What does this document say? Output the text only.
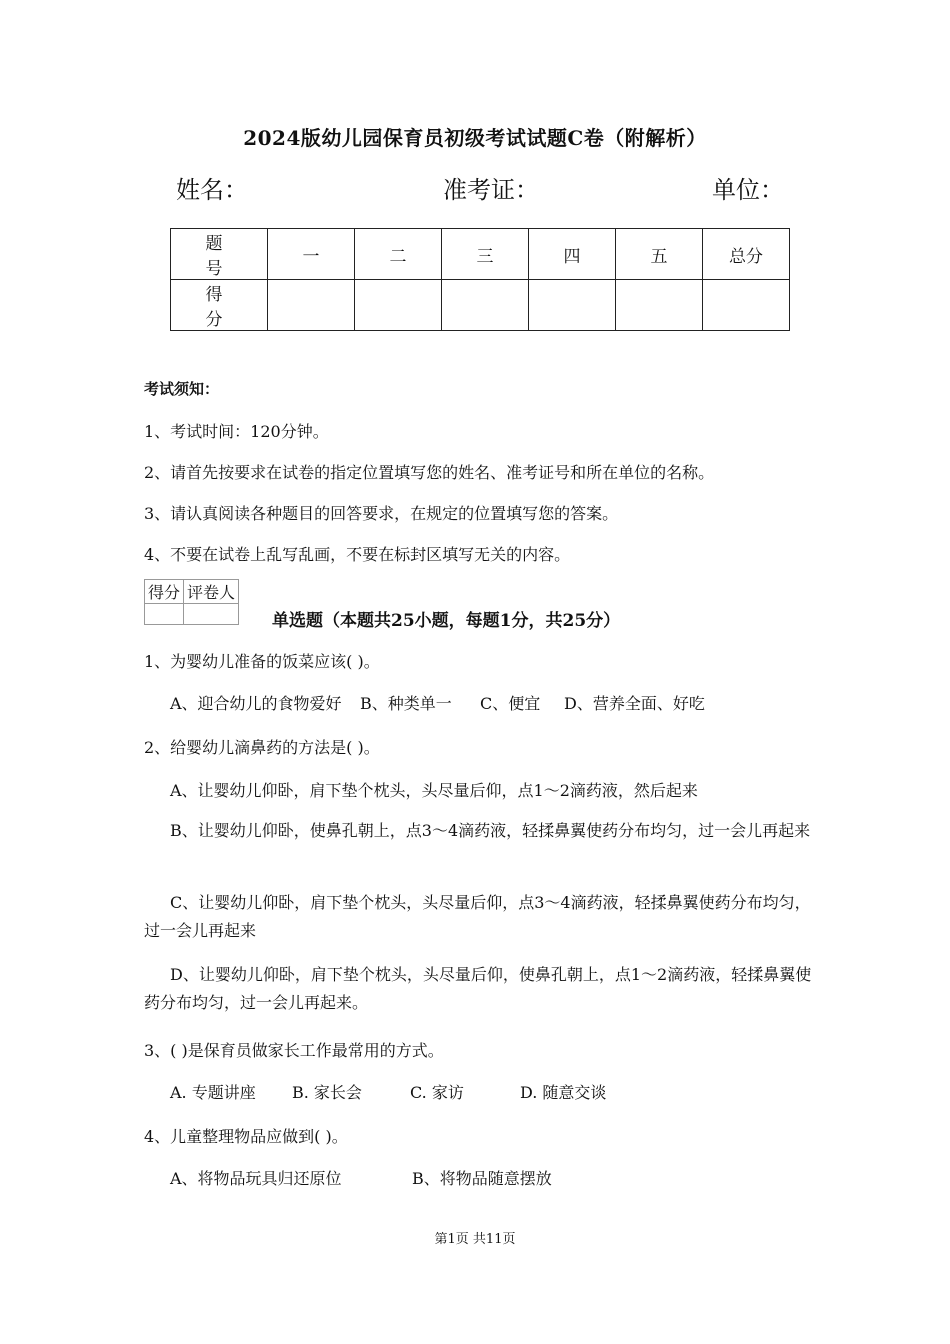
2024版幼儿园保育员初级考试试题C卷（附解析）
姓名：	准考证：	单位：
题 号	一	二	三	四	五	总分
得 分						
考试须知：
1、考试时间：120分钟。
2、请首先按要求在试卷的指定位置填写您的姓名、准考证号和所在单位的名称。
3、请认真阅读各种题目的回答要求，在规定的位置填写您的答案。
4、不要在试卷上乱写乱画，不要在标封区填写无关的内容。
得分	评卷人

单选题（本题共25小题，每题1分，共25分）
1、为婴幼儿准备的饭菜应该( )。
A、迎合幼儿的食物爱好 B、种类单一 C、便宜 D、营养全面、好吃
2、给婴幼儿滴鼻药的方法是( )。
A、让婴幼儿仰卧，肩下垫个枕头，头尽量后仰，点1～2滴药液，然后起来
B、让婴幼儿仰卧，使鼻孔朝上，点3～4滴药液，轻揉鼻翼使药分布均匀，过一会儿再起来
C、让婴幼儿仰卧，肩下垫个枕头，头尽量后仰，点3～4滴药液，轻揉鼻翼使药分布均匀，过一会儿再起来
D、让婴幼儿仰卧，肩下垫个枕头，头尽量后仰，使鼻孔朝上，点1～2滴药液，轻揉鼻翼使药分布均匀，过一会儿再起来。
3、( )是保育员做家长工作最常用的方式。
A. 专题讲座 B. 家长会	C. 家访	D. 随意交谈
4、儿童整理物品应做到( )。
A、将物品玩具归还原位	B、将物品随意摆放
第1页 共11页
